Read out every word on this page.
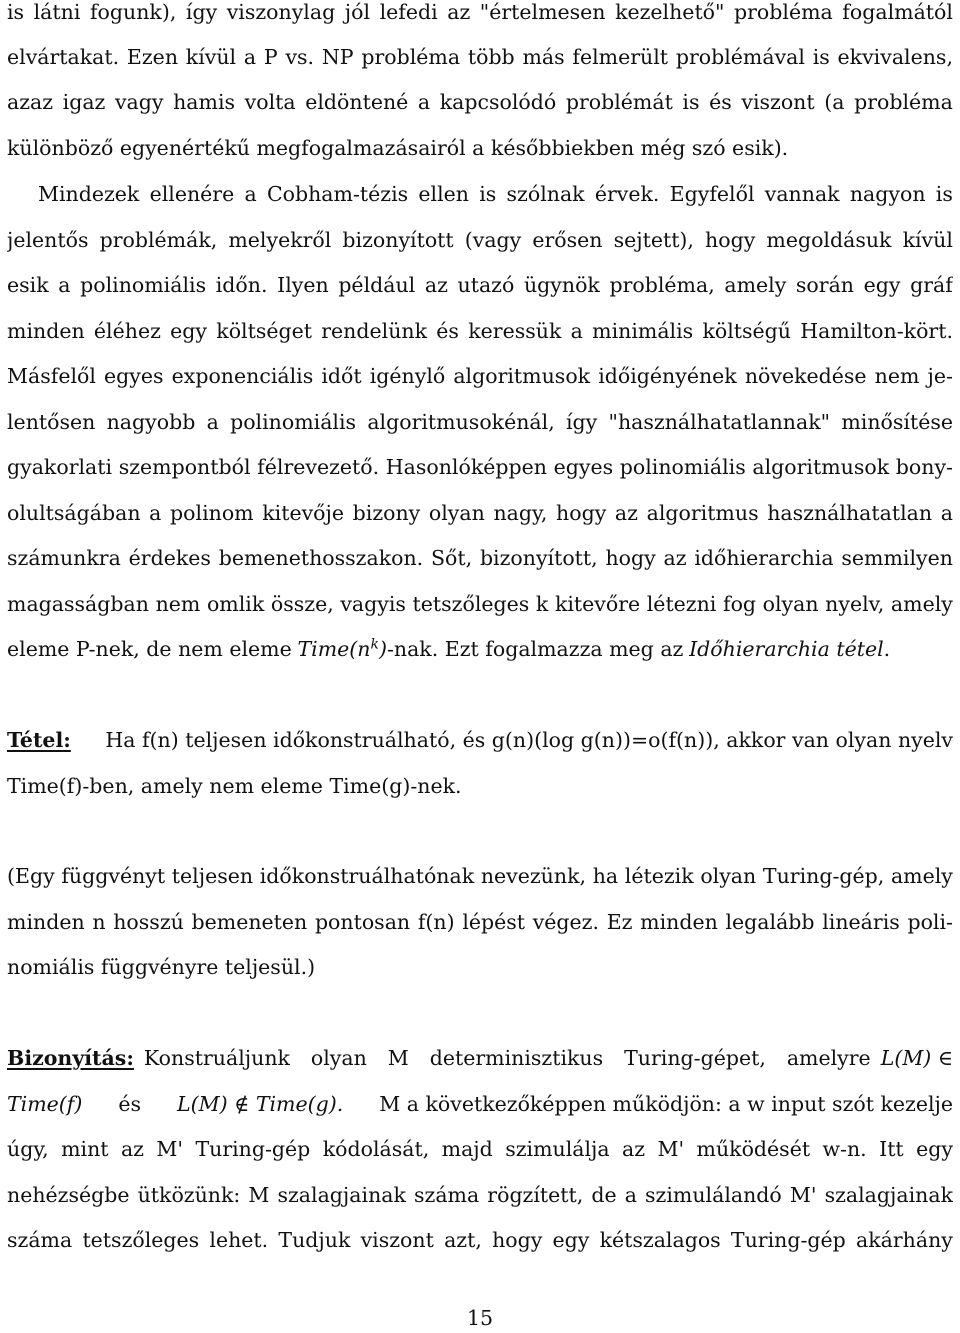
is látni fogunk), így viszonylag jól lefedi az "értelmesen kezelhető" probléma fogalmától
elvártakat. Ezen kívül a P vs. NP probléma több más felmerült problémával is ekvivalens,
azaz igaz vagy hamis volta eldöntené a kapcsolódó problémát is és viszont (a probléma
különböző egyenértékű megfogalmazásairól a későbbiekben még szó esik).
Mindezek ellenére a Cobham-tézis ellen is szólnak érvek. Egyfelől vannak nagyon is
jelentős problémák, melyekről bizonyított (vagy erősen sejtett), hogy megoldásuk kívül
esik a polinomiális időn. Ilyen például az utazó ügynök probléma, amely során egy gráf
minden éléhez egy költséget rendelünk és keressük a minimális költségű Hamilton-kört.
Másfelől egyes exponenciális időt igénylő algoritmusok időigényének növekedése nem je-
lentősen nagyobb a polinomiális algoritmusokénál, így "használhatatlannak" minősítése
gyakorlati szempontból félrevezető. Hasonlóképpen egyes polinomiális algoritmusok bony-
olultságában a polinom kitevője bizony olyan nagy, hogy az algoritmus használhatatlan a
számunkra érdekes bemenethosszakon. Sőt, bizonyított, hogy az időhierarchia semmilyen
magasságban nem omlik össze, vagyis tetszőleges k kitevőre létezni fog olyan nyelv, amely
eleme P-nek, de nem eleme $Time(n^k)$-nak. Ezt fogalmazza meg az Időhierarchia tétel.
Tétel: Ha f(n) teljesen időkonstruálható, és g(n)(log g(n))=o(f(n)), akkor van olyan nyelv
Time(f)-ben, amely nem eleme Time(g)-nek.
(Egy függvényt teljesen időkonstruálhatónak nevezünk, ha létezik olyan Turing-gép, amely
minden n hosszú bemeneten pontosan f(n) lépést végez. Ez minden legalább lineáris poli-
nomiális függvényre teljesül.)
Bizonyítás: Konstruáljunk olyan M determinisztikus Turing-gépet, amelyre L(M) ∈
Time(f) és L(M) ∉ Time(g). M a következőképpen működjön: a w input szót kezelje
úgy, mint az M' Turing-gép kódolását, majd szimulálja az M' működését w-n. Itt egy
nehézségbe ütközünk: M szalagjainak száma rögzített, de a szimulálandó M' szalagjainak
száma tetszőleges lehet. Tudjuk viszont azt, hogy egy kétszalagos Turing-gép akárhány
15
